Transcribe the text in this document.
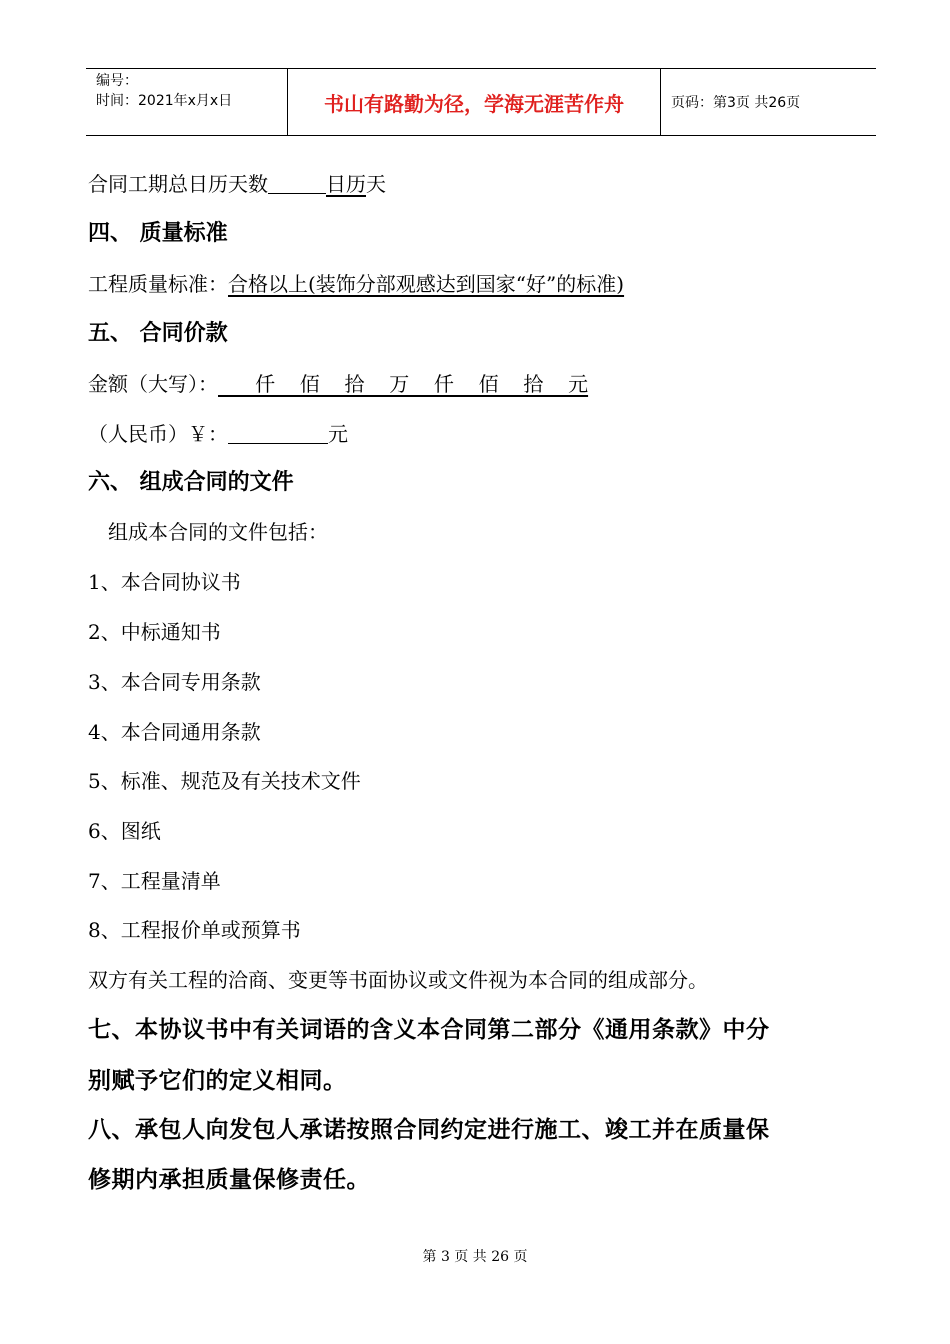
编号：
时间：2021年x月x日	书山有路勤为径，学海无涯苦作舟	页码：第3页 共26页
合同工期总日历天数	日历天
四、 质量标准
工程质量标准：合格以上(装饰分部观感达到国家“好”的标准)
五、 合同价款
金额（大写）：   仟  佰  拾  万  仟  佰  拾  元
（人民币）￥：	元
六、 组成合同的文件
组成本合同的文件包括：
1、本合同协议书
2、中标通知书
3、本合同专用条款
4、本合同通用条款
5、标准、规范及有关技术文件
6、图纸
7、工程量清单
8、工程报价单或预算书
双方有关工程的洽商、变更等书面协议或文件视为本合同的组成部分。
七、本协议书中有关词语的含义本合同第二部分《通用条款》中分
别赋予它们的定义相同。
八、承包人向发包人承诺按照合同约定进行施工、竣工并在质量保
修期内承担质量保修责任。
第 3 页 共 26 页
